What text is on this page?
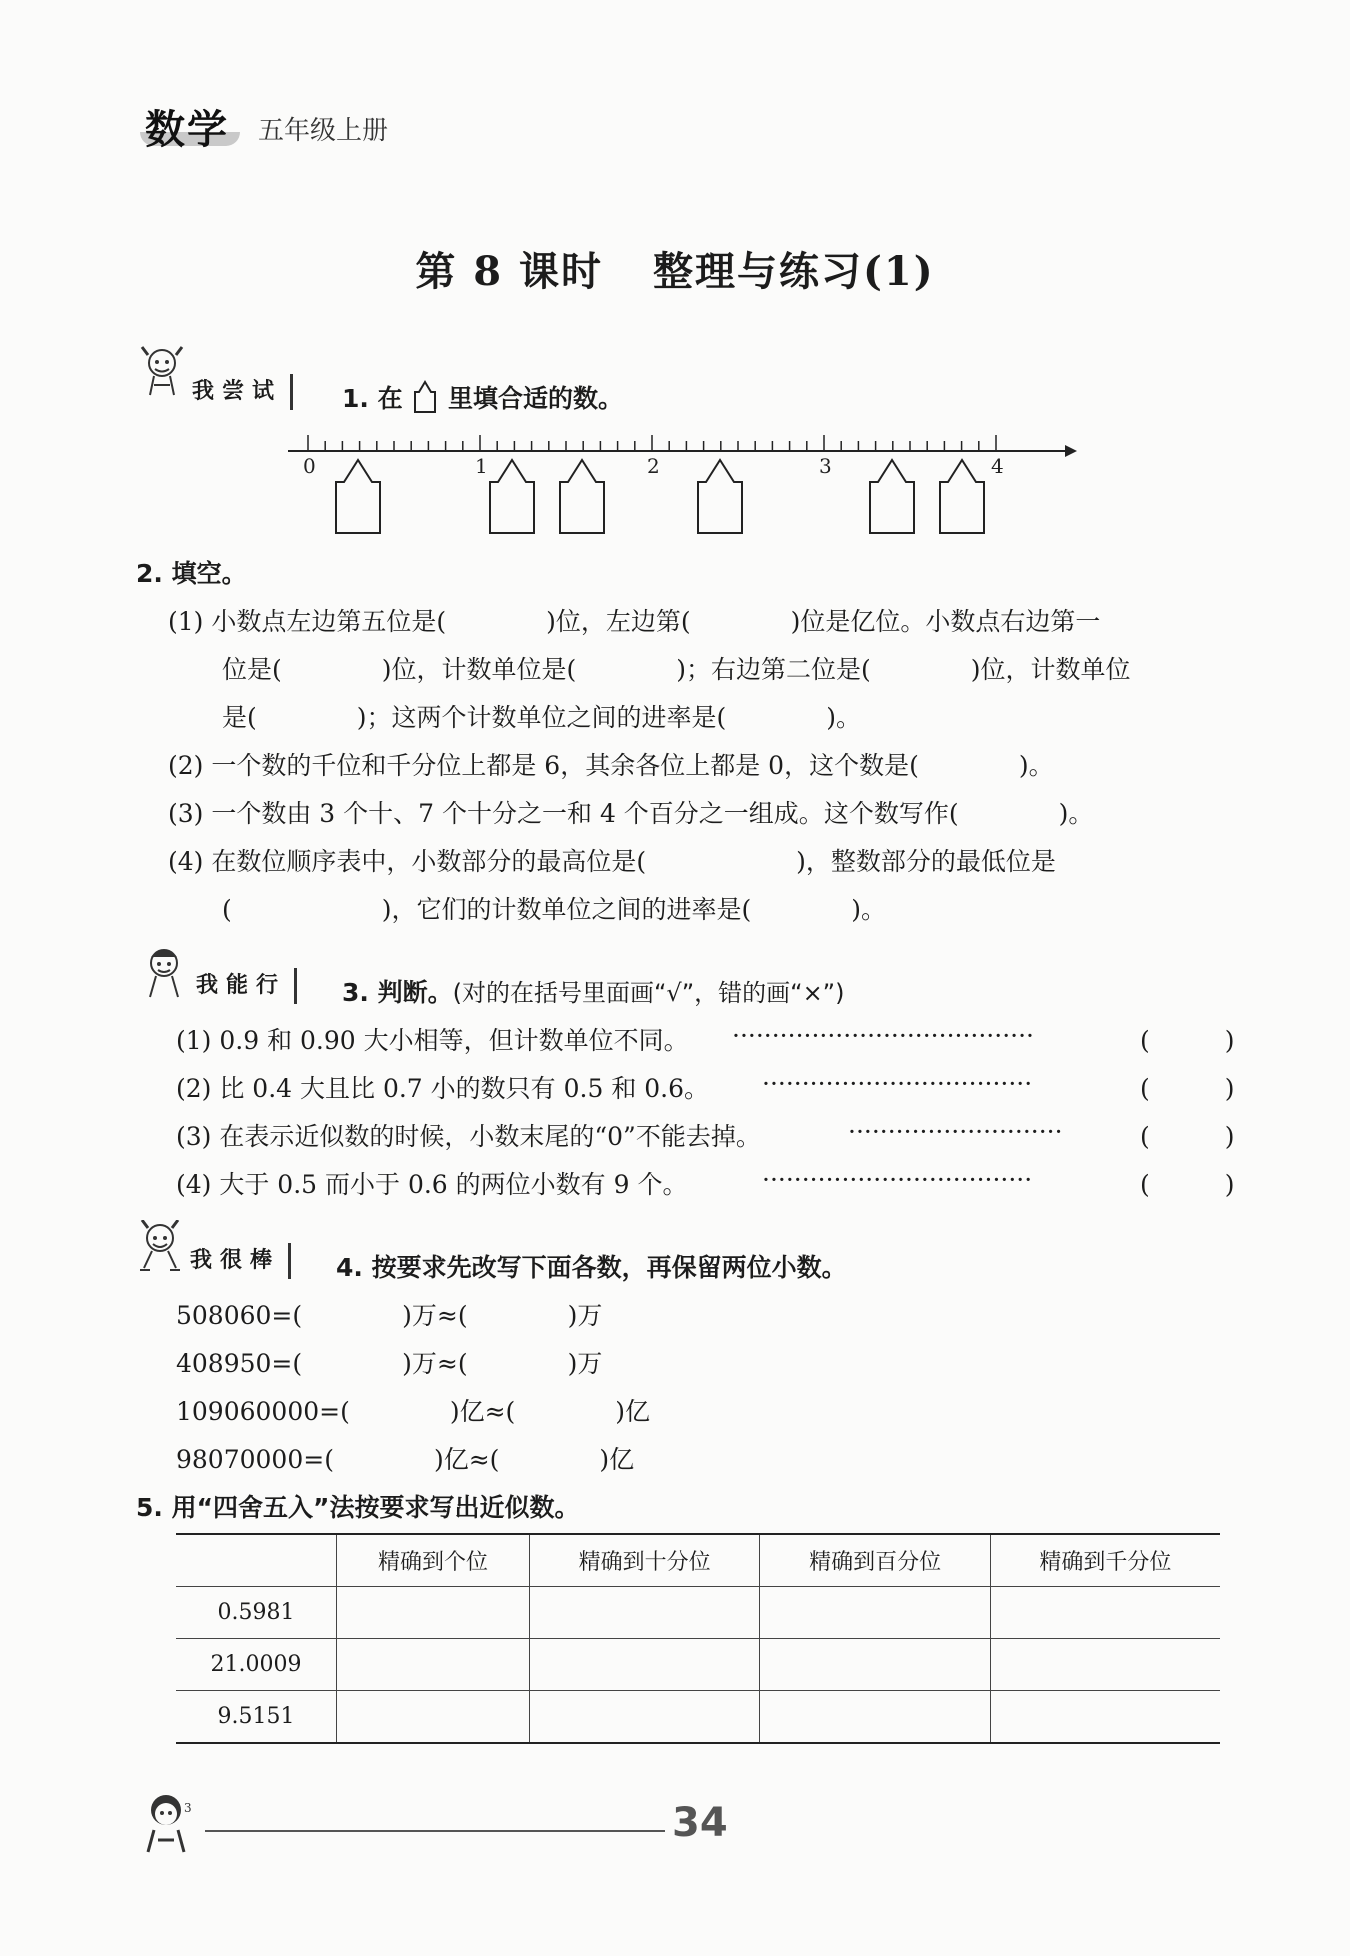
数学 五年级上册
第 8 课时 整理与练习(1)
我尝试	1. 在 里填合适的数。
0	1	2	3	4
2. 填空。
(1) 小数点左边第五位是(　　　　)位，左边第(　　　　)位是亿位。小数点右边第一
位是(　　　　)位，计数单位是(　　　　)；右边第二位是(　　　　)位，计数单位
是(　　　　)；这两个计数单位之间的进率是(　　　　)。
(2) 一个数的千位和千分位上都是 6，其余各位上都是 0，这个数是(　　　　)。
(3) 一个数由 3 个十、7 个十分之一和 4 个百分之一组成。这个数写作(　　　　)。
(4) 在数位顺序表中，小数部分的最高位是(　　　　　　)，整数部分的最低位是
(　　　　　　)，它们的计数单位之间的进率是(　　　　)。
我能行	3. 判断。(对的在括号里面画“√”，错的画“×”)
(1) 0.9 和 0.90 大小相等，但计数单位不同。 ······································	(　　　)
(2) 比 0.4 大且比 0.7 小的数只有 0.5 和 0.6。 ··································	(　　　)
(3) 在表示近似数的时候，小数末尾的“0”不能去掉。	···························	(　　　)
(4) 大于 0.5 而小于 0.6 的两位小数有 9 个。	··································	(　　　)
我很棒	4. 按要求先改写下面各数，再保留两位小数。
508060=(　　　　)万≈(　　　　)万
408950=(　　　　)万≈(　　　　)万
109060000=(　　　　)亿≈(　　　　)亿
98070000=(　　　　)亿≈(　　　　)亿
5. 用“四舍五入”法按要求写出近似数。
	精确到个位	精确到十分位	精确到百分位	精确到千分位
0.5981				
21.0009				
9.5151				
3	34
